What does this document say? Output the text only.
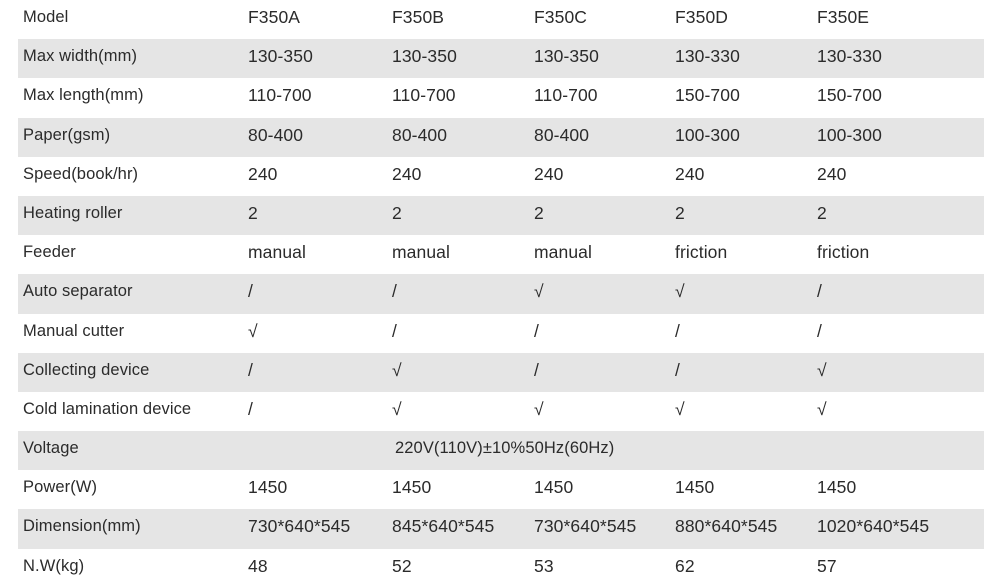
Model	F350A	F350B	F350C	F350D	F350E
Max width(mm)	130-350	130-350	130-350	130-330	130-330
Max length(mm)	110-700	110-700	110-700	150-700	150-700
Paper(gsm)	80-400	80-400	80-400	100-300	100-300
Speed(book/hr)	240	240	240	240	240
Heating roller	2	2	2	2	2
Feeder	manual	manual	manual	friction	friction
Auto separator	/	/	√	√	/
Manual cutter	√	/	/	/	/
Collecting device	/	√	/	/	√
Cold lamination device	/	√	√	√	√
Voltage	220V(110V)±10%50Hz(60Hz)
Power(W)	1450	1450	1450	1450	1450
Dimension(mm)	730*640*545 845*640*545 730*640*545 880*640*545 1020*640*545
N.W(kg)	48	52	53	62	57
